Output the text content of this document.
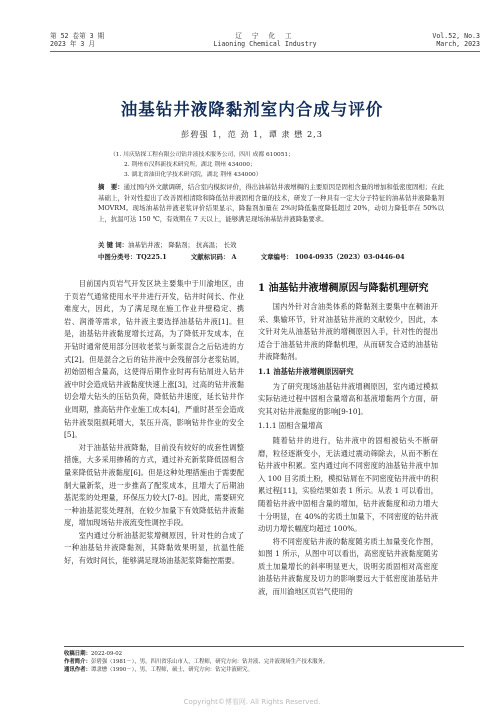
第 52 卷第 3 期
2023 年 3 月
辽 宁 化 工
Liaoning Chemical Industry
Vol.52, No.3
March, 2023
油基钻井液降黏剂室内合成与评价
彭碧强 1，范 劲 1，谭 隶 懋 2,3
（1. 川庆钻探工程有限公司钻井液技术服务公司，四川 成都 610051；
2. 荆州市汉科新技术研究所，湖北 荆州 434000；
3. 湖北省油田化学技术研究院，湖北 荆州 434000）
摘　要：通过国内外文献调研，结合室内模拟评价，得出油基钻井液增稠的主要原因是固相含量的增加和低密度固相；在此基础上，针对性提出了改善固相清除和降低钻井液固相含量的技术，研发了一种具有一定大分子特征的油基钻井液降黏剂 MOVRM。现场油基钻井液老浆评价结果显示，降黏剂加量在 2%时降低黏度降低超过 20%，动切力降低率在 50%以上，抗温可达 150 ℃，有效期在 7 天以上，能够满足现场油基钻井液降黏要求。
关 键 词：油基钻井液； 降黏剂； 抗高温； 长效
中图分类号：TQ225.1	文献标识码： A	文章编号： 1004-0935（2023）03-0446-04

目前国内页岩气开发区块主要集中于川渝地区，由于页岩气通常使用水平井进行开发，钻井时间长、作业难度大，因此，为了满足现在施工作业井壁稳定、携岩、润滑等需求，钻井液主要选择油基钻井液[1]。但是，油基钻井液黏度增长过高，为了降低开发成本，在开钻时通常使用部分回收老浆与新浆混合之后钻进的方式[2]。但是混合之后的钻井液中会残留部分老浆钻屑，初始固相含量高，这使得后期作业时再有钻屑进入钻井液中时会造成钻井液黏度快速上涨[3]，过高的钻井液黏切会增大钻头的压钻负荷，降低钻井速度，延长钻井作业周期，推高钻井作业施工成本[4]，严重时甚至会造成钻井液泵阻损耗增大，泵压升高，影响钻井作业的安全[5]。

对于油基钻井液降黏，目前没有较好的成套性调整措施，大多采用掺稀的方式，通过补充新浆降低固相含量来降低钻井液黏度[6]。但是这种处理措施由于需要配制大量新浆，进一步推高了配浆成本，且增大了后期油基泥浆的处理量，环保压力较大[7-8]。因此，需要研究一种油基泥浆处理剂，在较少加量下有效降低钻井液黏度，增加现场钻井液流变性调控手段。

室内通过分析油基泥浆增稠原因，针对性的合成了一种油基钻井液降黏剂，其降黏效果明显，抗温性能好，有效时间长，能够满足现场油基泥浆降黏控需要。

1 油基钻井液增稠原因与降黏机理研究

国内外针对含油类体系的降黏剂主要集中在稠油开采、集输环节，针对油基钻井液的文献较少，因此，本文针对先从油基钻井液的增稠原因入手，针对性的提出适合于油基钻井液的降黏机理，从而研发合适的油基钻井液降黏剂。

1.1 油基钻井液增稠原因研究

为了研究现场油基钻井液增稠原因，室内通过模拟实际钻进过程中固相含量增高和基液增黏两个方面，研究其对钻井液黏度的影响[9-10]。

1.1.1 固相含量增高

随着钻井的进行，钻井液中的固相被钻头不断研磨，粒径逐渐变小，无法通过震动筛除去，从而不断在钻井液中积累。室内通过向不同密度的油基钻井液中加入 100 目劣质土粉，模拟钻屑在不同密度钻井液中的积累过程[11]，实验结果如表 1 所示。从表 1 可以看出，随着钻井液中固相含量的增加，钻井液黏度和动力增大十分明显，在 40%的劣质土加量下，不同密度的钻井液动切力增长幅度均超过 100%。

将不同密度钻井液的黏度随劣质土加量变化作图，如图 1 所示，从图中可以看出，高密度钻井液黏度随劣质土加量增长的斜率明显更大，说明劣质固相对高密度油基钻井液黏度及切力的影响要远大于低密度油基钻井液，而川渝地区页岩气使用的

收稿日期：2022-09-02
作者简介：彭碧强（1981－），男，四川省乐山市人，工程师，研究方向：钻井液、完井液现场生产技术服务。
通讯作者：谭隶懋（1990－），男，工程师，硕士，研究方向：钻完井液研究。
Copyright©博看网. All Rights Reserved.
